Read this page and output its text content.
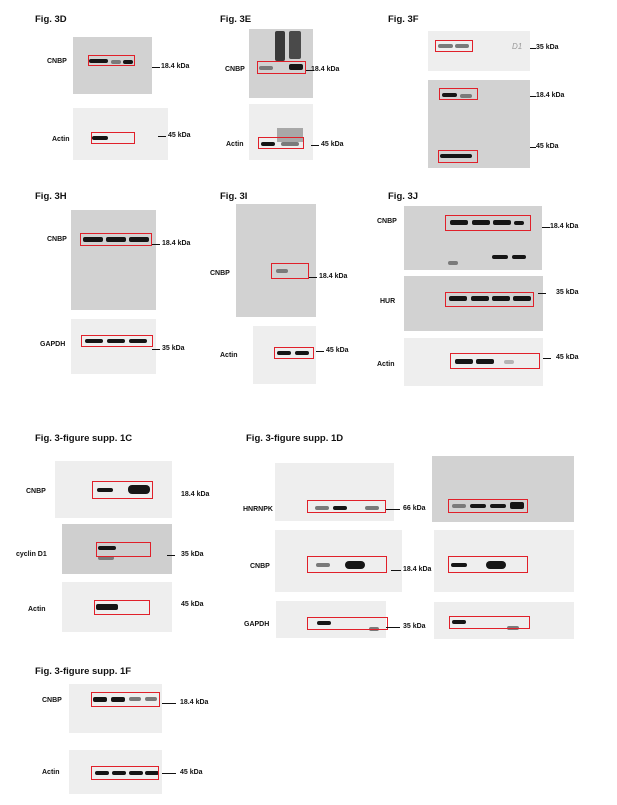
Fig. 3D
CNBP
18.4 kDa
Actin
45 kDa
Fig. 3E
CNBP	18.4 kDa
Actin	45 kDa
Fig. 3F
D1 35 kDa
18.4 kDa
45 kDa
Fig. 3H
CNBP
18.4 kDa
GAPDH
35 kDa
Fig. 3I
CNBP	18.4 kDa
Actin
45 kDa
Fig. 3J
CNBP
18.4 kDa
HUR
35 kDa
Actin
45 kDa
Fig. 3-figure supp. 1C
CNBP	18.4 kDa
cyclin D1	35 kDa
Actin
45 kDa
Fig. 3-figure supp. 1D
HNRNPK	66 kDa
CNBP	18.4 kDa
GAPDH	35 kDa
Fig. 3-figure supp. 1F
CNBP	18.4 kDa
Actin	45 kDa
